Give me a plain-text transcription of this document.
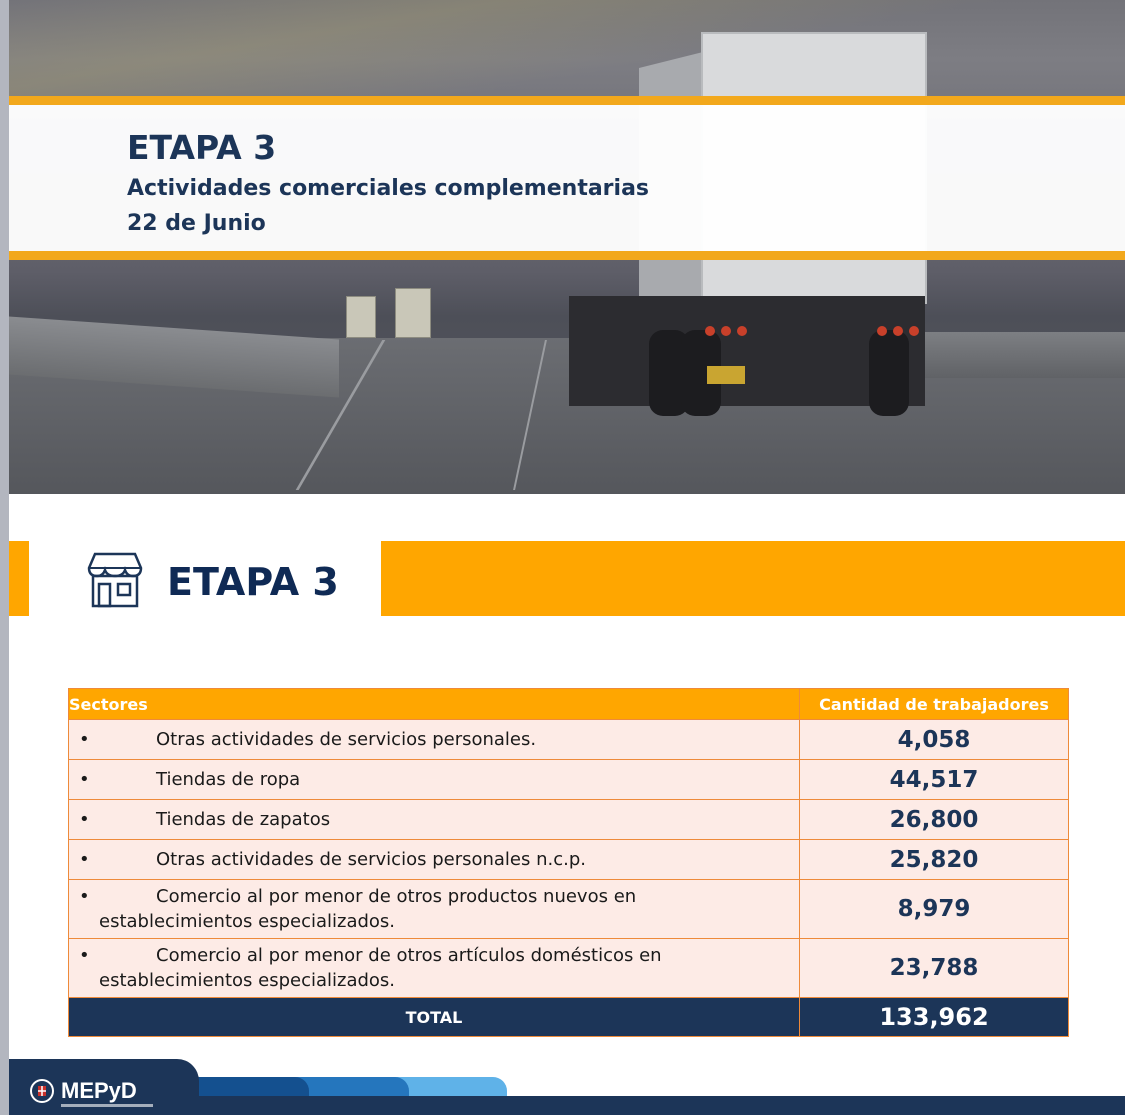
ETAPA 3
Actividades comerciales complementarias
22 de Junio
ETAPA 3
Sectores	Cantidad de trabajadores

• Otras actividades de servicios personales.	4,058

• Tiendas de ropa	44,517

• Tiendas de zapatos	26,800

• Otras actividades de servicios personales n.c.p.	25,820

• Comercio al por menor de otros productos nuevos en establecimientos especializados.	8,979

• Comercio al por menor de otros artículos domésticos en establecimientos especializados.	23,788
TOTAL	133,962
MEPyD
